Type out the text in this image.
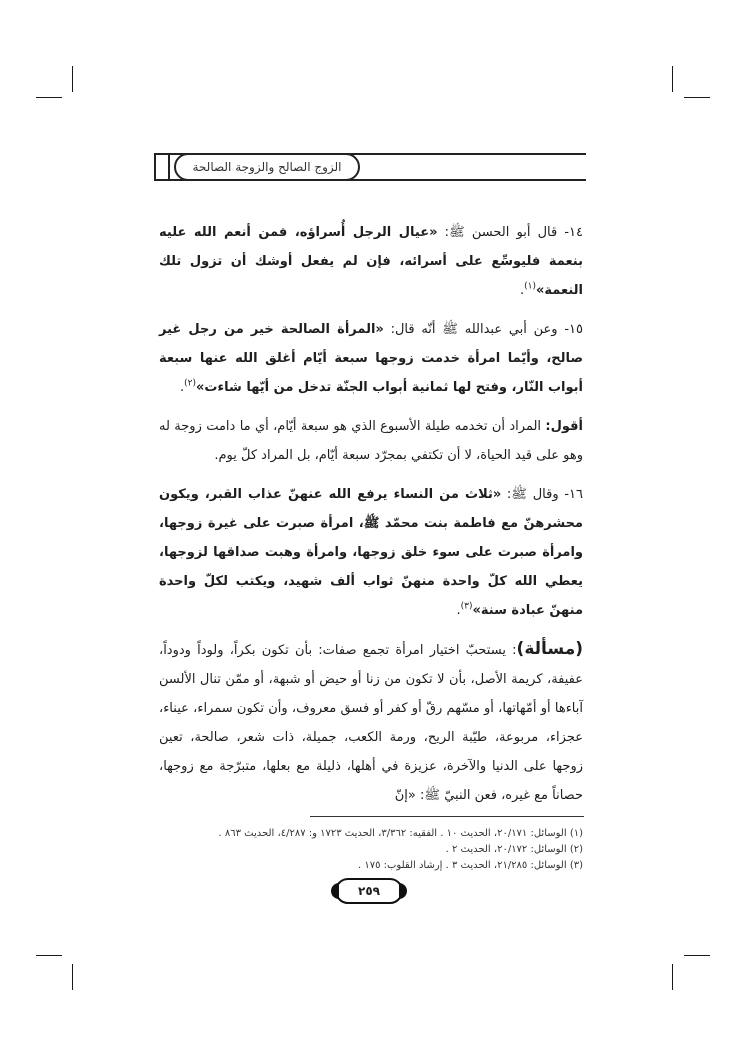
الزوج الصالح والزوجة الصالحة

١٤- قال أبو الحسن ﷺ: «عيال الرجل أُسراؤه، فمن أنعم الله عليه بنعمة فليوسِّع على أسرائه، فإن لم يفعل أوشك أن تزول تلك النعمة»$^{(١)}$.

١٥- وعن أبي عبدالله ﷺ أنّه قال: «المرأة الصالحة خير من رجل غير صالح، وأيّما امرأة خدمت زوجها سبعة أيّام أغلق الله عنها سبعة أبواب النّار، وفتح لها ثمانية أبواب الجنّة تدخل من أيّها شاءت»$^{(٢)}$.

أقول: المراد أن تخدمه طيلة الأسبوع الذي هو سبعة أيّام، أي ما دامت زوجة له وهو على قيد الحياة، لا أن تكتفي بمجرّد سبعة أيّام، بل المراد كلّ يوم.

١٦- وقال ﷺ: «ثلاث من النساء يرفع الله عنهنّ عذاب القبر، ويكون محشرهنّ مع فاطمة بنت محمّد ﷺ، امرأة صبرت على غيرة زوجها، وامرأة صبرت على سوء خلق زوجها، وامرأة وهبت صداقها لزوجها، يعطي الله كلّ واحدة منهنّ ثواب ألف شهيد، ويكتب لكلّ واحدة منهنّ عبادة سنة»$^{(٣)}$.

(مسألة): يستحبّ اختيار امرأة تجمع صفات: بأن تكون بكراً، ولوداً ودوداً، عفيفة، كريمة الأصل، بأن لا تكون من زنا أو حيض أو شبهة، أو ممّن تنال الألسن آباءها أو أمّهاتها، أو مسّهم رقّ أو كفر أو فسق معروف، وأن تكون سمراء، عيناء، عجزاء، مربوعة، طيّبة الريح، ورمة الكعب، جميلة، ذات شعر، صالحة، تعين زوجها على الدنيا والآخرة، عزيزة في أهلها، ذليلة مع بعلها، متبرّجة مع زوجها، حصاناً مع غيره، فعن النبيّ ﷺ: «إنّ

(١) الوسائل: ٢٠/١٧١، الحديث ١٠ . الفقيه: ٣/٣٦٢، الحديث ١٧٢٣ و: ٤/٢٨٧، الحديث ٨٦٣ .
(٢) الوسائل: ٢٠/١٧٢، الحديث ٢ .
(٣) الوسائل: ٢١/٢٨٥، الحديث ٣ . إرشاد القلوب: ١٧٥ .
٢٥٩
